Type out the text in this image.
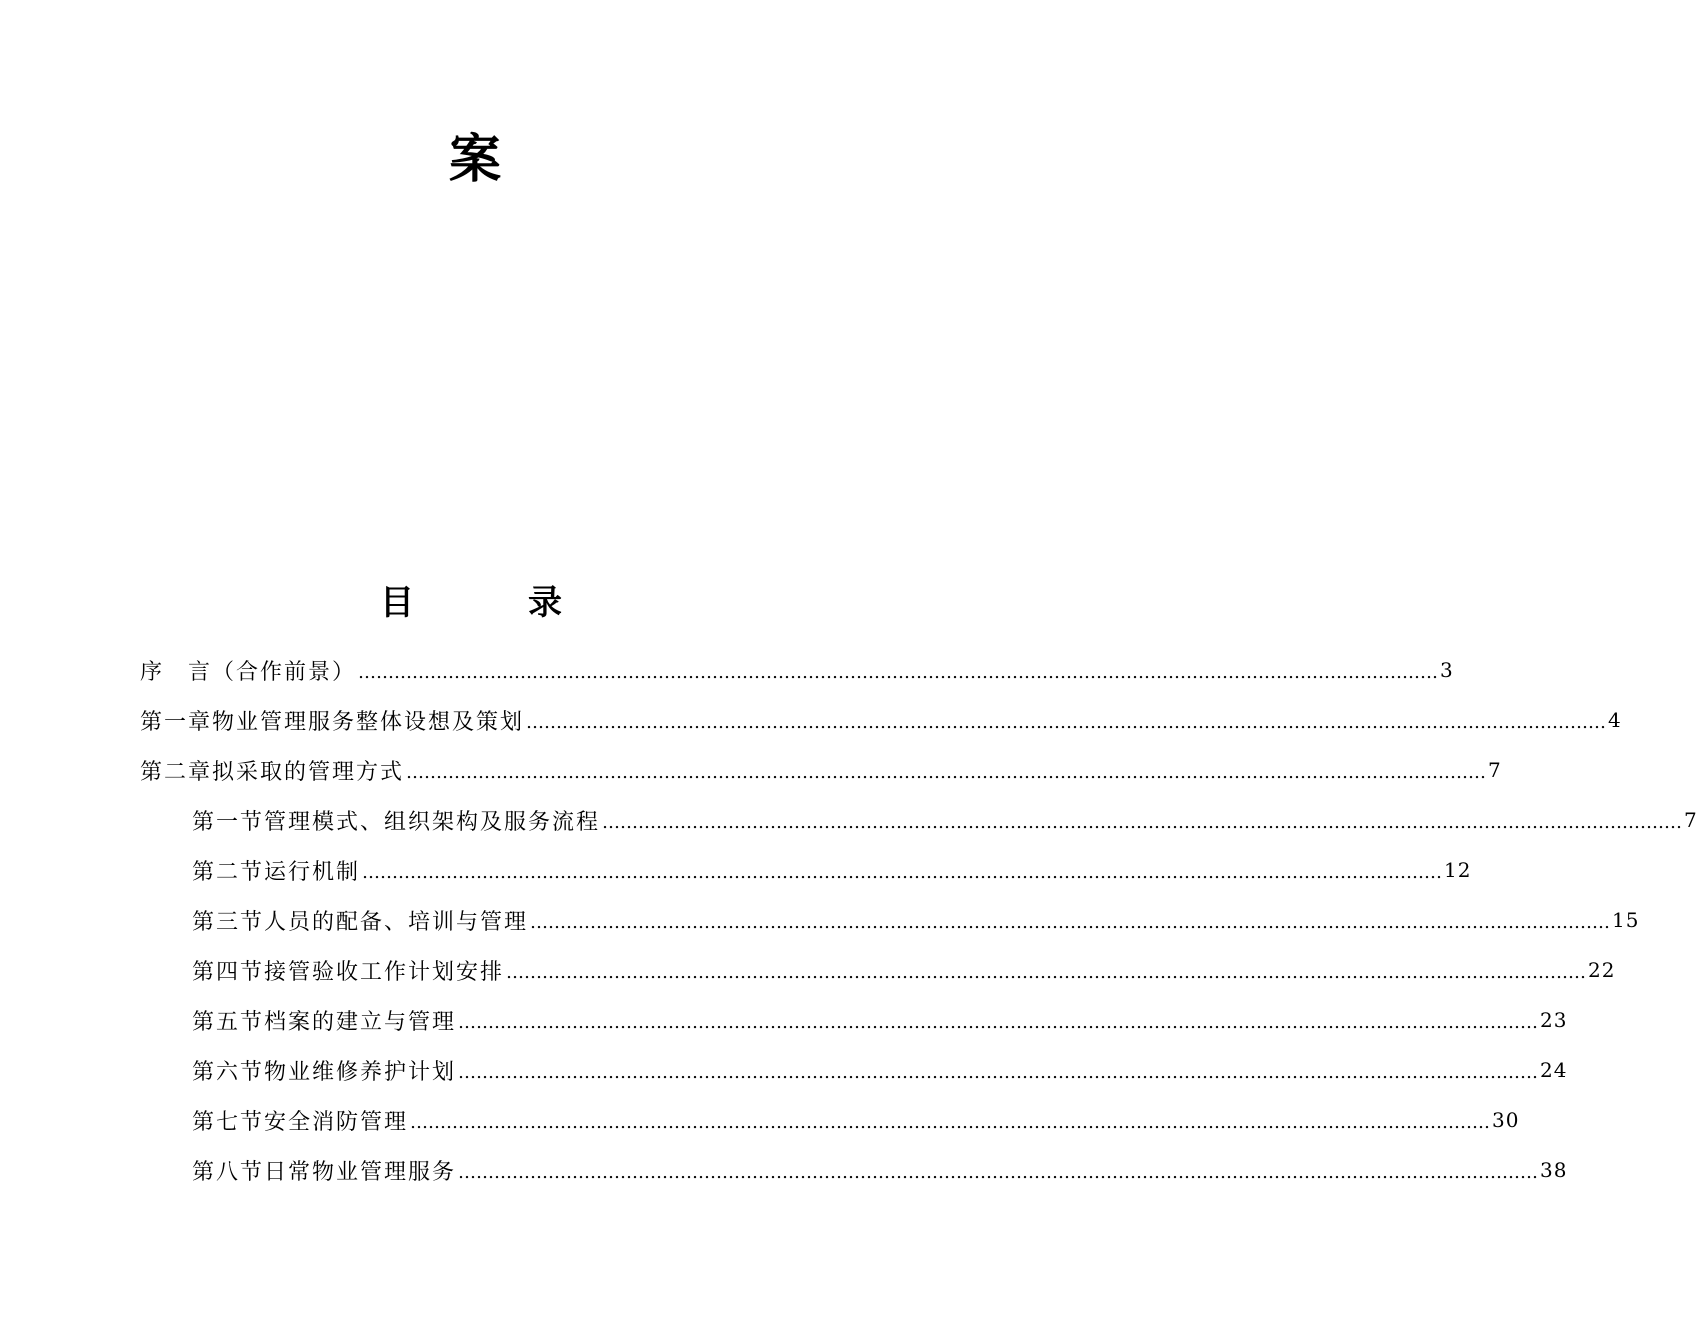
案
目	录
序　言 （合作前景） ……………………………………………………………………………………………………………………………………………………………… 3
第一章 物业管理服务整体设想及策划 ……………………………………………………………………………………………………………………………………………………………… 4
第二章 拟采取的管理方式 ……………………………………………………………………………………………………………………………………………………………… 7
第一节 管理模式、组织架构及服务流程 ……………………………………………………………………………………………………………………………………………………………… 7
第二节 运行机制 ……………………………………………………………………………………………………………………………………………………………… 12
第三节 人员的配备、培训与管理 ……………………………………………………………………………………………………………………………………………………………… 15
第四节 接管验收工作计划安排 ……………………………………………………………………………………………………………………………………………………………… 22
第五节 档案的建立与管理 ……………………………………………………………………………………………………………………………………………………………… 23
第六节 物业维修养护计划 ……………………………………………………………………………………………………………………………………………………………… 24
第七节 安全消防管理 ……………………………………………………………………………………………………………………………………………………………… 30
第八节 日常物业管理服务 ……………………………………………………………………………………………………………………………………………………………… 38
